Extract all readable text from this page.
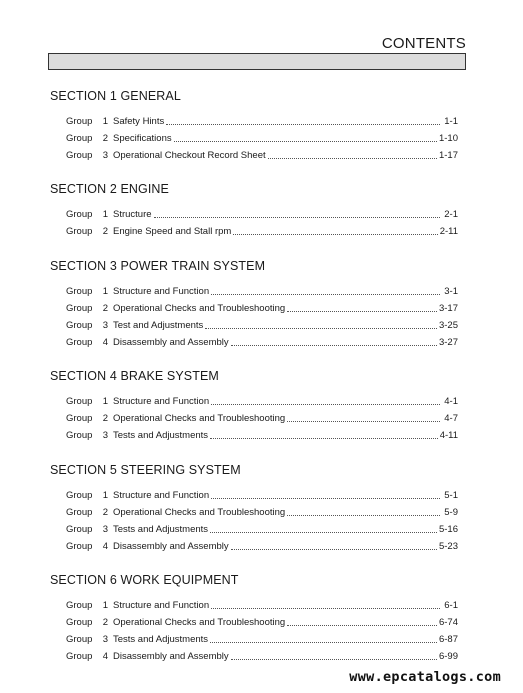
CONTENTS
SECTION 1 GENERAL
Group	1 Safety Hints	1-1
Group	2 Specifications	1-10
Group	3 Operational Checkout Record Sheet	1-17
SECTION 2 ENGINE
Group	1 Structure	2-1
Group	2 Engine Speed and Stall rpm	2-11
SECTION 3 POWER TRAIN SYSTEM
Group	1 Structure and Function	3-1
Group	2 Operational Checks and Troubleshooting	3-17
Group	3 Test and Adjustments	3-25
Group	4 Disassembly and Assembly	3-27
SECTION 4 BRAKE SYSTEM
Group	1 Structure and Function	4-1
Group	2 Operational Checks and Troubleshooting	4-7
Group	3 Tests and Adjustments	4-11
SECTION 5 STEERING SYSTEM
Group	1 Structure and Function	5-1
Group	2 Operational Checks and Troubleshooting	5-9
Group	3 Tests and Adjustments	5-16
Group	4 Disassembly and Assembly	5-23
SECTION 6 WORK EQUIPMENT
Group	1 Structure and Function	6-1
Group	2 Operational Checks and Troubleshooting	6-74
Group	3 Tests and Adjustments	6-87
Group	4 Disassembly and Assembly	6-99
www.epcatalogs.com
